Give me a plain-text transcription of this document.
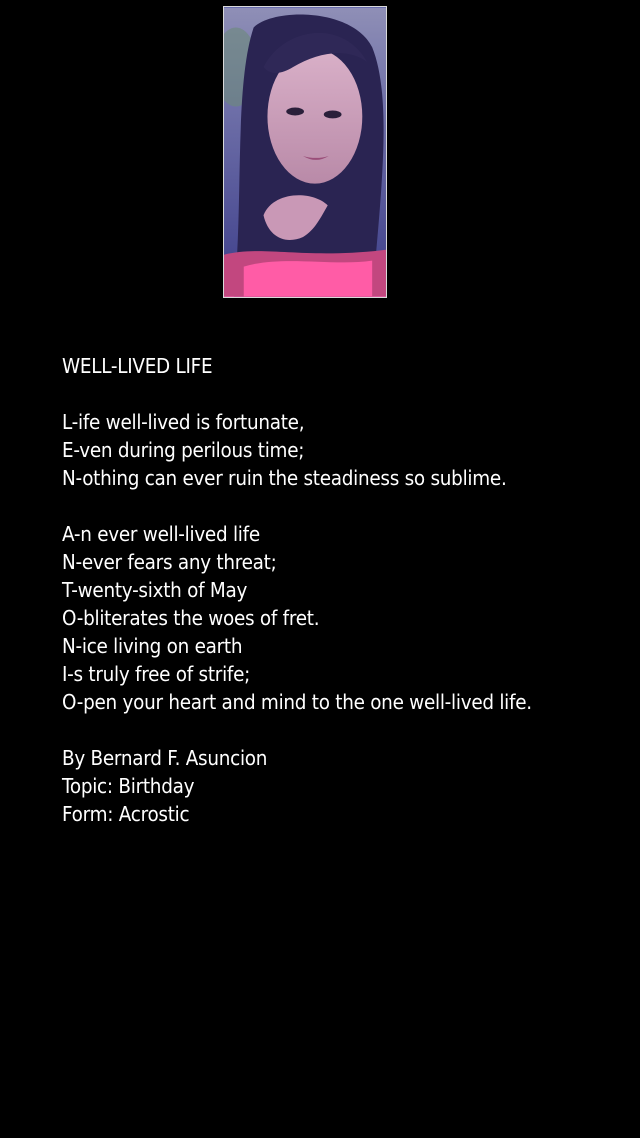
WELL-LIVED LIFE
L-ife well-lived is fortunate,
E-ven during perilous time;
N-othing can ever ruin the steadiness so sublime.
A-n ever well-lived life
N-ever fears any threat;
T-wenty-sixth of May
O-bliterates the woes of fret.
N-ice living on earth
I-s truly free of strife;
O-pen your heart and mind to the one well-lived life.
By Bernard F. Asuncion
Topic: Birthday
Form: Acrostic
